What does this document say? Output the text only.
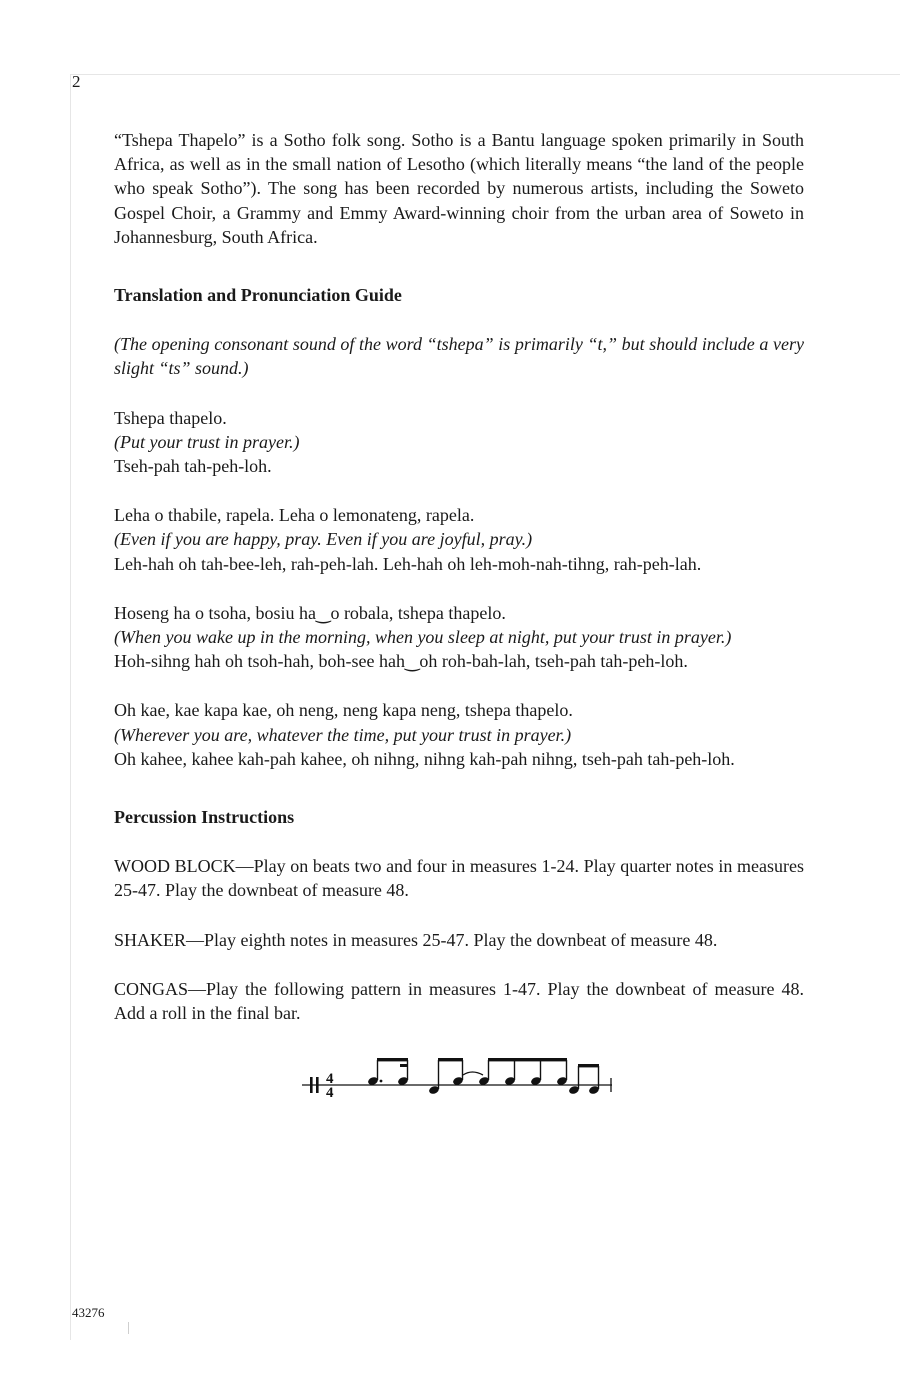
2

“Tshepa Thapelo” is a Sotho folk song. Sotho is a Bantu language spoken primarily in South Africa, as well as in the small nation of Lesotho (which literally means “the land of the people who speak Sotho”). The song has been recorded by numerous artists, including the Soweto Gospel Choir, a Grammy and Emmy Award-winning choir from the urban area of Soweto in Johannesburg, South Africa.

Translation and Pronunciation Guide

(The opening consonant sound of the word “tshepa” is primarily “t,” but should include a very slight “ts” sound.)

Tshepa thapelo.
(Put your trust in prayer.)
Tseh-pah tah-peh-loh.
Leha o thabile, rapela. Leha o lemonateng, rapela.
(Even if you are happy, pray. Even if you are joyful, pray.)
Leh-hah oh tah-bee-leh, rah-peh-lah. Leh-hah oh leh-moh-nah-tihng, rah-peh-lah.
Hoseng ha o tsoha, bosiu ha‿o robala, tshepa thapelo.
(When you wake up in the morning, when you sleep at night, put your trust in prayer.)
Hoh-sihng hah oh tsoh-hah, boh-see hah‿oh roh-bah-lah, tseh-pah tah-peh-loh.
Oh kae, kae kapa kae, oh neng, neng kapa neng, tshepa thapelo.
(Wherever you are, whatever the time, put your trust in prayer.)
Oh kahee, kahee kah-pah kahee, oh nihng, nihng kah-pah nihng, tseh-pah tah-peh-loh.

Percussion Instructions

WOOD BLOCK—Play on beats two and four in measures 1-24. Play quarter notes in measures 25-47. Play the downbeat of measure 48.

SHAKER—Play eighth notes in measures 25-47. Play the downbeat of measure 48.

CONGAS—Play the following pattern in measures 1-47. Play the downbeat of measure 48. Add a roll in the final bar.

4
4
43276
